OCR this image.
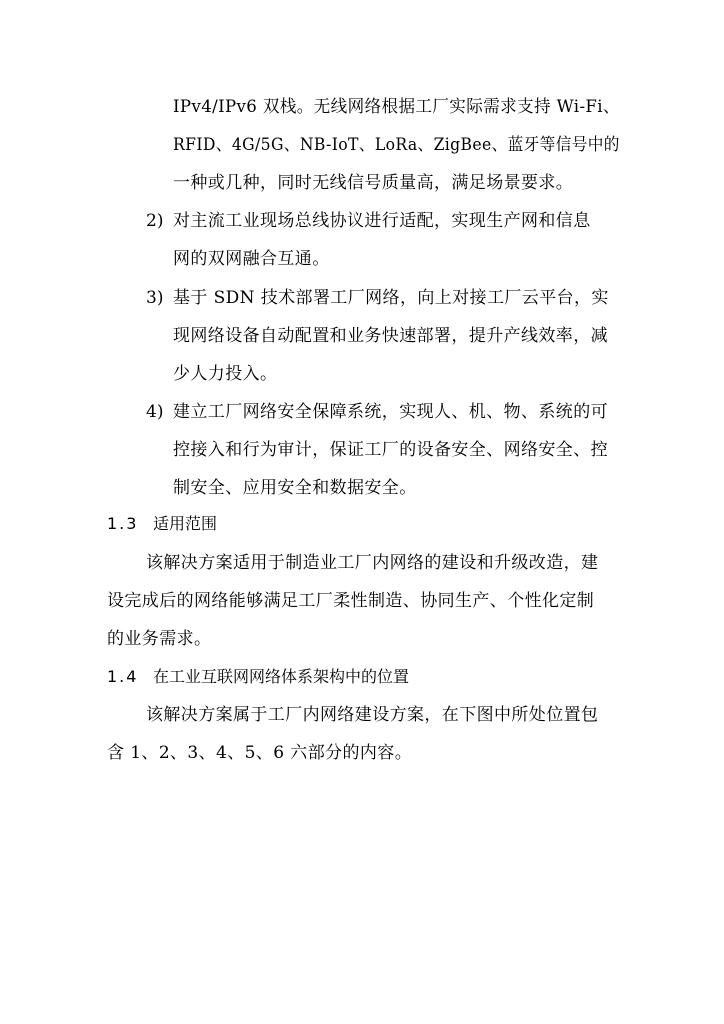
IPv4/IPv6 双栈。无线网络根据工厂实际需求支持 Wi-Fi、
RFID、4G/5G、NB-IoT、LoRa、ZigBee、蓝牙等信号中的
一种或几种，同时无线信号质量高，满足场景要求。
2) 对主流工业现场总线协议进行适配，实现生产网和信息
网的双网融合互通。
3) 基于 SDN 技术部署工厂网络，向上对接工厂云平台，实
现网络设备自动配置和业务快速部署，提升产线效率，减
少人力投入。
4) 建立工厂网络安全保障系统，实现人、机、物、系统的可
控接入和行为审计，保证工厂的设备安全、网络安全、控
制安全、应用安全和数据安全。
1.3 适用范围
该解决方案适用于制造业工厂内网络的建设和升级改造，建
设完成后的网络能够满足工厂柔性制造、协同生产、个性化定制
的业务需求。
1.4 在工业互联网网络体系架构中的位置
该解决方案属于工厂内网络建设方案，在下图中所处位置包
含 1、2、3、4、5、6 六部分的内容。
